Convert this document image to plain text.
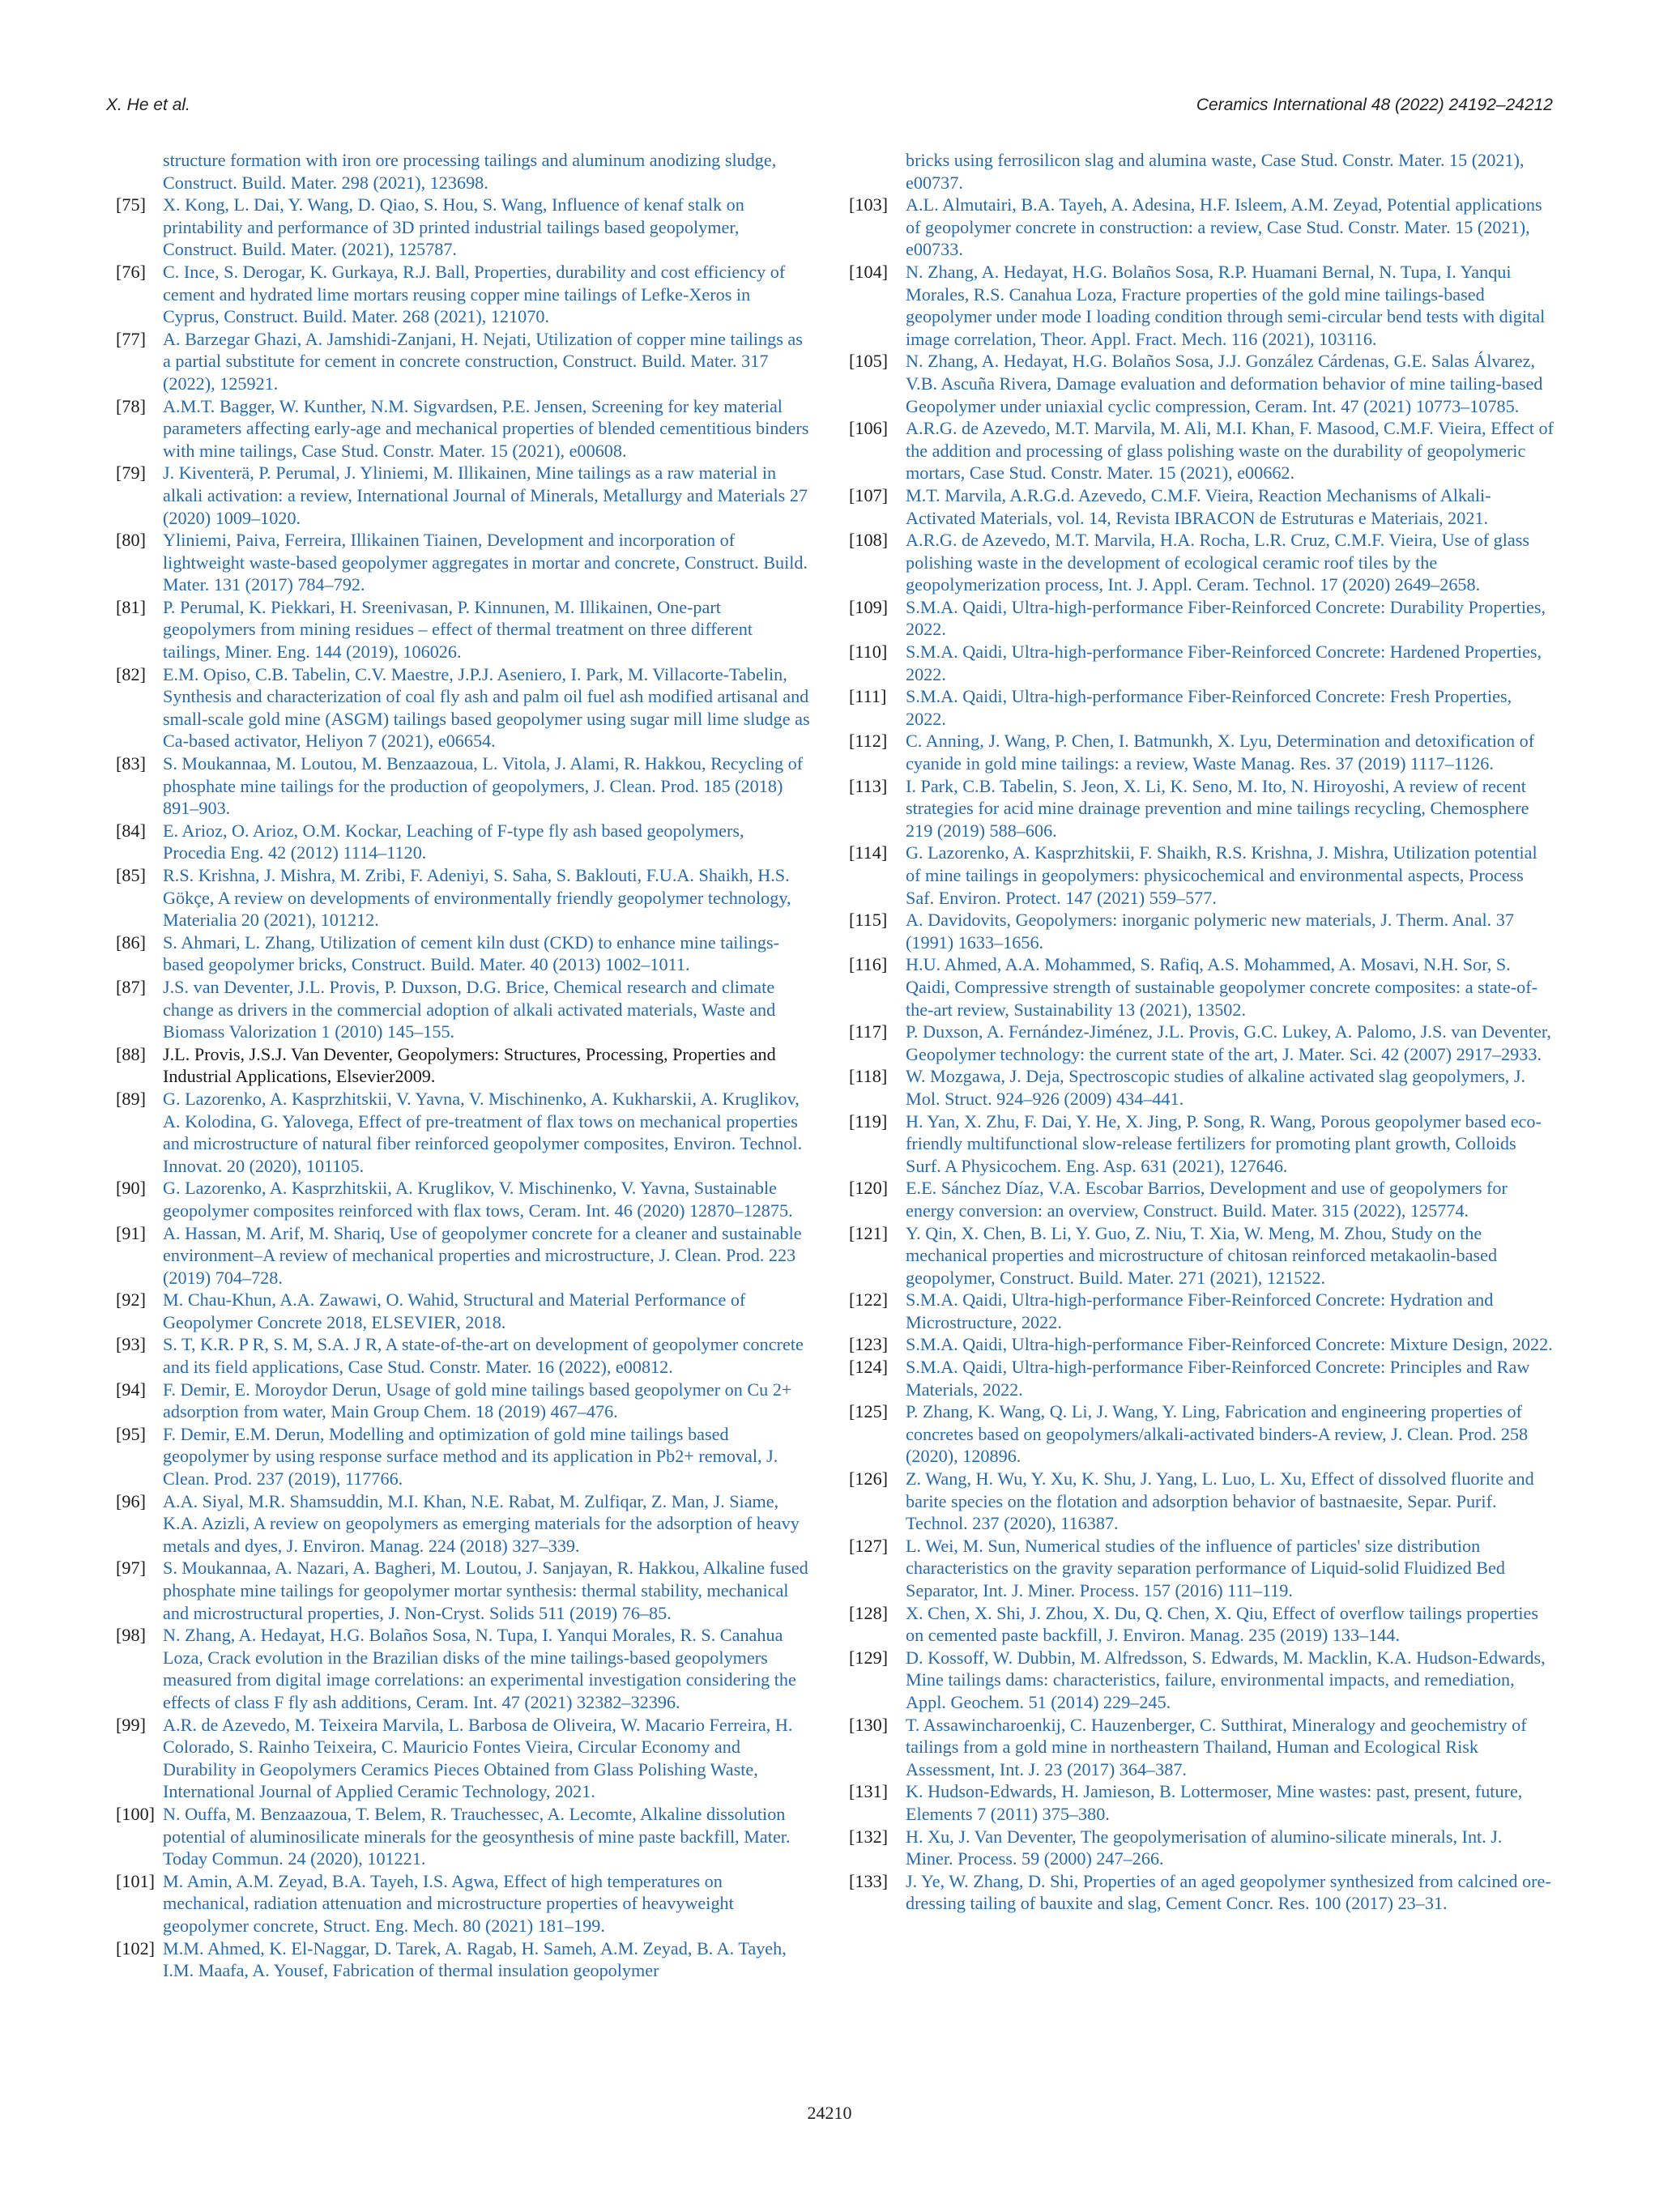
X. He et al.	Ceramics International 48 (2022) 24192–24212
structure formation with iron ore processing tailings and aluminum anodizing sludge, Construct. Build. Mater. 298 (2021), 123698.
[75] X. Kong, L. Dai, Y. Wang, D. Qiao, S. Hou, S. Wang, Influence of kenaf stalk on printability and performance of 3D printed industrial tailings based geopolymer, Construct. Build. Mater. (2021), 125787.
[76] C. Ince, S. Derogar, K. Gurkaya, R.J. Ball, Properties, durability and cost efficiency of cement and hydrated lime mortars reusing copper mine tailings of Lefke-Xeros in Cyprus, Construct. Build. Mater. 268 (2021), 121070.
[77] A. Barzegar Ghazi, A. Jamshidi-Zanjani, H. Nejati, Utilization of copper mine tailings as a partial substitute for cement in concrete construction, Construct. Build. Mater. 317 (2022), 125921.
[78] A.M.T. Bagger, W. Kunther, N.M. Sigvardsen, P.E. Jensen, Screening for key material parameters affecting early-age and mechanical properties of blended cementitious binders with mine tailings, Case Stud. Constr. Mater. 15 (2021), e00608.
[79] J. Kiventerä, P. Perumal, J. Yliniemi, M. Illikainen, Mine tailings as a raw material in alkali activation: a review, International Journal of Minerals, Metallurgy and Materials 27 (2020) 1009–1020.
[80] Yliniemi, Paiva, Ferreira, Illikainen Tiainen, Development and incorporation of lightweight waste-based geopolymer aggregates in mortar and concrete, Construct. Build. Mater. 131 (2017) 784–792.
[81] P. Perumal, K. Piekkari, H. Sreenivasan, P. Kinnunen, M. Illikainen, One-part geopolymers from mining residues – effect of thermal treatment on three different tailings, Miner. Eng. 144 (2019), 106026.
[82] E.M. Opiso, C.B. Tabelin, C.V. Maestre, J.P.J. Aseniero, I. Park, M. Villacorte-Tabelin, Synthesis and characterization of coal fly ash and palm oil fuel ash modified artisanal and small-scale gold mine (ASGM) tailings based geopolymer using sugar mill lime sludge as Ca-based activator, Heliyon 7 (2021), e06654.
[83] S. Moukannaa, M. Loutou, M. Benzaazoua, L. Vitola, J. Alami, R. Hakkou, Recycling of phosphate mine tailings for the production of geopolymers, J. Clean. Prod. 185 (2018) 891–903.
[84] E. Arioz, O. Arioz, O.M. Kockar, Leaching of F-type fly ash based geopolymers, Procedia Eng. 42 (2012) 1114–1120.
[85] R.S. Krishna, J. Mishra, M. Zribi, F. Adeniyi, S. Saha, S. Baklouti, F.U.A. Shaikh, H.S. Gökçe, A review on developments of environmentally friendly geopolymer technology, Materialia 20 (2021), 101212.
[86] S. Ahmari, L. Zhang, Utilization of cement kiln dust (CKD) to enhance mine tailings-based geopolymer bricks, Construct. Build. Mater. 40 (2013) 1002–1011.
[87] J.S. van Deventer, J.L. Provis, P. Duxson, D.G. Brice, Chemical research and climate change as drivers in the commercial adoption of alkali activated materials, Waste and Biomass Valorization 1 (2010) 145–155.
[88] J.L. Provis, J.S.J. Van Deventer, Geopolymers: Structures, Processing, Properties and Industrial Applications, Elsevier2009.
[89] G. Lazorenko, A. Kasprzhitskii, V. Yavna, V. Mischinenko, A. Kukharskii, A. Kruglikov, A. Kolodina, G. Yalovega, Effect of pre-treatment of flax tows on mechanical properties and microstructure of natural fiber reinforced geopolymer composites, Environ. Technol. Innovat. 20 (2020), 101105.
[90] G. Lazorenko, A. Kasprzhitskii, A. Kruglikov, V. Mischinenko, V. Yavna, Sustainable geopolymer composites reinforced with flax tows, Ceram. Int. 46 (2020) 12870–12875.
[91] A. Hassan, M. Arif, M. Shariq, Use of geopolymer concrete for a cleaner and sustainable environment–A review of mechanical properties and microstructure, J. Clean. Prod. 223 (2019) 704–728.
[92] M. Chau-Khun, A.A. Zawawi, O. Wahid, Structural and Material Performance of Geopolymer Concrete 2018, ELSEVIER, 2018.
[93] S. T, K.R. P R, S. M, S.A. J R, A state-of-the-art on development of geopolymer concrete and its field applications, Case Stud. Constr. Mater. 16 (2022), e00812.
[94] F. Demir, E. Moroydor Derun, Usage of gold mine tailings based geopolymer on Cu 2+ adsorption from water, Main Group Chem. 18 (2019) 467–476.
[95] F. Demir, E.M. Derun, Modelling and optimization of gold mine tailings based geopolymer by using response surface method and its application in Pb2+ removal, J. Clean. Prod. 237 (2019), 117766.
[96] A.A. Siyal, M.R. Shamsuddin, M.I. Khan, N.E. Rabat, M. Zulfiqar, Z. Man, J. Siame, K.A. Azizli, A review on geopolymers as emerging materials for the adsorption of heavy metals and dyes, J. Environ. Manag. 224 (2018) 327–339.
[97] S. Moukannaa, A. Nazari, A. Bagheri, M. Loutou, J. Sanjayan, R. Hakkou, Alkaline fused phosphate mine tailings for geopolymer mortar synthesis: thermal stability, mechanical and microstructural properties, J. Non-Cryst. Solids 511 (2019) 76–85.
[98] N. Zhang, A. Hedayat, H.G. Bolaños Sosa, N. Tupa, I. Yanqui Morales, R. S. Canahua Loza, Crack evolution in the Brazilian disks of the mine tailings-based geopolymers measured from digital image correlations: an experimental investigation considering the effects of class F fly ash additions, Ceram. Int. 47 (2021) 32382–32396.
[99] A.R. de Azevedo, M. Teixeira Marvila, L. Barbosa de Oliveira, W. Macario Ferreira, H. Colorado, S. Rainho Teixeira, C. Mauricio Fontes Vieira, Circular Economy and Durability in Geopolymers Ceramics Pieces Obtained from Glass Polishing Waste, International Journal of Applied Ceramic Technology, 2021.
[100] N. Ouffa, M. Benzaazoua, T. Belem, R. Trauchessec, A. Lecomte, Alkaline dissolution potential of aluminosilicate minerals for the geosynthesis of mine paste backfill, Mater. Today Commun. 24 (2020), 101221.
[101] M. Amin, A.M. Zeyad, B.A. Tayeh, I.S. Agwa, Effect of high temperatures on mechanical, radiation attenuation and microstructure properties of heavyweight geopolymer concrete, Struct. Eng. Mech. 80 (2021) 181–199.
[102] M.M. Ahmed, K. El-Naggar, D. Tarek, A. Ragab, H. Sameh, A.M. Zeyad, B. A. Tayeh, I.M. Maafa, A. Yousef, Fabrication of thermal insulation geopolymer
bricks using ferrosilicon slag and alumina waste, Case Stud. Constr. Mater. 15 (2021), e00737.
[103] A.L. Almutairi, B.A. Tayeh, A. Adesina, H.F. Isleem, A.M. Zeyad, Potential applications of geopolymer concrete in construction: a review, Case Stud. Constr. Mater. 15 (2021), e00733.
[104] N. Zhang, A. Hedayat, H.G. Bolaños Sosa, R.P. Huamani Bernal, N. Tupa, I. Yanqui Morales, R.S. Canahua Loza, Fracture properties of the gold mine tailings-based geopolymer under mode I loading condition through semi-circular bend tests with digital image correlation, Theor. Appl. Fract. Mech. 116 (2021), 103116.
[105] N. Zhang, A. Hedayat, H.G. Bolaños Sosa, J.J. González Cárdenas, G.E. Salas Álvarez, V.B. Ascuña Rivera, Damage evaluation and deformation behavior of mine tailing-based Geopolymer under uniaxial cyclic compression, Ceram. Int. 47 (2021) 10773–10785.
[106] A.R.G. de Azevedo, M.T. Marvila, M. Ali, M.I. Khan, F. Masood, C.M.F. Vieira, Effect of the addition and processing of glass polishing waste on the durability of geopolymeric mortars, Case Stud. Constr. Mater. 15 (2021), e00662.
[107] M.T. Marvila, A.R.G.d. Azevedo, C.M.F. Vieira, Reaction Mechanisms of Alkali-Activated Materials, vol. 14, Revista IBRACON de Estruturas e Materiais, 2021.
[108] A.R.G. de Azevedo, M.T. Marvila, H.A. Rocha, L.R. Cruz, C.M.F. Vieira, Use of glass polishing waste in the development of ecological ceramic roof tiles by the geopolymerization process, Int. J. Appl. Ceram. Technol. 17 (2020) 2649–2658.
[109] S.M.A. Qaidi, Ultra-high-performance Fiber-Reinforced Concrete: Durability Properties, 2022.
[110]	S.M.A. Qaidi, Ultra-high-performance Fiber-Reinforced Concrete: Hardened Properties, 2022.
[111]	S.M.A. Qaidi, Ultra-high-performance Fiber-Reinforced Concrete: Fresh Properties, 2022.
[112]	C. Anning, J. Wang, P. Chen, I. Batmunkh, X. Lyu, Determination and detoxification of cyanide in gold mine tailings: a review, Waste Manag. Res. 37 (2019) 1117–1126.
[113]	I. Park, C.B. Tabelin, S. Jeon, X. Li, K. Seno, M. Ito, N. Hiroyoshi, A review of recent strategies for acid mine drainage prevention and mine tailings recycling, Chemosphere 219 (2019) 588–606.
[114]	G. Lazorenko, A. Kasprzhitskii, F. Shaikh, R.S. Krishna, J. Mishra, Utilization potential of mine tailings in geopolymers: physicochemical and environmental aspects, Process Saf. Environ. Protect. 147 (2021) 559–577.
[115]	A. Davidovits, Geopolymers: inorganic polymeric new materials, J. Therm. Anal. 37 (1991) 1633–1656.
[116]	H.U. Ahmed, A.A. Mohammed, S. Rafiq, A.S. Mohammed, A. Mosavi, N.H. Sor, S. Qaidi, Compressive strength of sustainable geopolymer concrete composites: a state-of-the-art review, Sustainability 13 (2021), 13502.
[117]	P. Duxson, A. Fernández-Jiménez, J.L. Provis, G.C. Lukey, A. Palomo, J.S. van Deventer, Geopolymer technology: the current state of the art, J. Mater. Sci. 42 (2007) 2917–2933.
[118]	W. Mozgawa, J. Deja, Spectroscopic studies of alkaline activated slag geopolymers, J. Mol. Struct. 924–926 (2009) 434–441.
[119]	H. Yan, X. Zhu, F. Dai, Y. He, X. Jing, P. Song, R. Wang, Porous geopolymer based eco-friendly multifunctional slow-release fertilizers for promoting plant growth, Colloids Surf. A Physicochem. Eng. Asp. 631 (2021), 127646.
[120] E.E. Sánchez Díaz, V.A. Escobar Barrios, Development and use of geopolymers for energy conversion: an overview, Construct. Build. Mater. 315 (2022), 125774.
[121] Y. Qin, X. Chen, B. Li, Y. Guo, Z. Niu, T. Xia, W. Meng, M. Zhou, Study on the mechanical properties and microstructure of chitosan reinforced metakaolin-based geopolymer, Construct. Build. Mater. 271 (2021), 121522.
[122] S.M.A. Qaidi, Ultra-high-performance Fiber-Reinforced Concrete: Hydration and Microstructure, 2022.
[123] S.M.A. Qaidi, Ultra-high-performance Fiber-Reinforced Concrete: Mixture Design, 2022.
[124] S.M.A. Qaidi, Ultra-high-performance Fiber-Reinforced Concrete: Principles and Raw Materials, 2022.
[125] P. Zhang, K. Wang, Q. Li, J. Wang, Y. Ling, Fabrication and engineering properties of concretes based on geopolymers/alkali-activated binders-A review, J. Clean. Prod. 258 (2020), 120896.
[126] Z. Wang, H. Wu, Y. Xu, K. Shu, J. Yang, L. Luo, L. Xu, Effect of dissolved fluorite and barite species on the flotation and adsorption behavior of bastnaesite, Separ. Purif. Technol. 237 (2020), 116387.
[127] L. Wei, M. Sun, Numerical studies of the influence of particles' size distribution characteristics on the gravity separation performance of Liquid-solid Fluidized Bed Separator, Int. J. Miner. Process. 157 (2016) 111–119.
[128] X. Chen, X. Shi, J. Zhou, X. Du, Q. Chen, X. Qiu, Effect of overflow tailings properties on cemented paste backfill, J. Environ. Manag. 235 (2019) 133–144.
[129] D. Kossoff, W. Dubbin, M. Alfredsson, S. Edwards, M. Macklin, K.A. Hudson-Edwards, Mine tailings dams: characteristics, failure, environmental impacts, and remediation, Appl. Geochem. 51 (2014) 229–245.
[130] T. Assawincharoenkij, C. Hauzenberger, C. Sutthirat, Mineralogy and geochemistry of tailings from a gold mine in northeastern Thailand, Human and Ecological Risk Assessment, Int. J. 23 (2017) 364–387.
[131] K. Hudson-Edwards, H. Jamieson, B. Lottermoser, Mine wastes: past, present, future, Elements 7 (2011) 375–380.
[132] H. Xu, J. Van Deventer, The geopolymerisation of alumino-silicate minerals, Int. J. Miner. Process. 59 (2000) 247–266.
[133] J. Ye, W. Zhang, D. Shi, Properties of an aged geopolymer synthesized from calcined ore-dressing tailing of bauxite and slag, Cement Concr. Res. 100 (2017) 23–31.
24210
